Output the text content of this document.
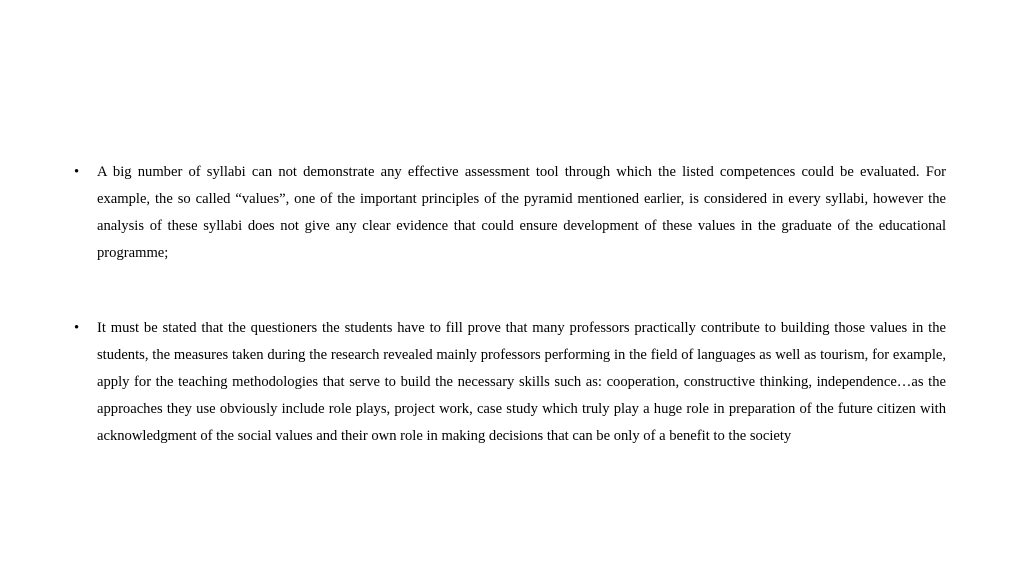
•	A big number of syllabi can not demonstrate any effective assessment tool through which the listed competences could be evaluated. For example, the so called “values”, one of the important principles of the pyramid mentioned earlier, is considered in every syllabi, however the analysis of these syllabi does not give any clear evidence that could ensure development of these values in the graduate of the educational programme;
•	It must be stated that the questioners the students have to fill prove that many professors practically contribute to building those values in the students, the measures taken during the research revealed mainly professors performing in the field of languages as well as tourism, for example, apply for the teaching methodologies that serve to build the necessary skills such as: cooperation, constructive thinking, independence…as the approaches they use obviously include role plays, project work, case study which truly play a huge role in preparation of the future citizen with acknowledgment of the social values and their own role in making decisions that can be only of a benefit to the society
